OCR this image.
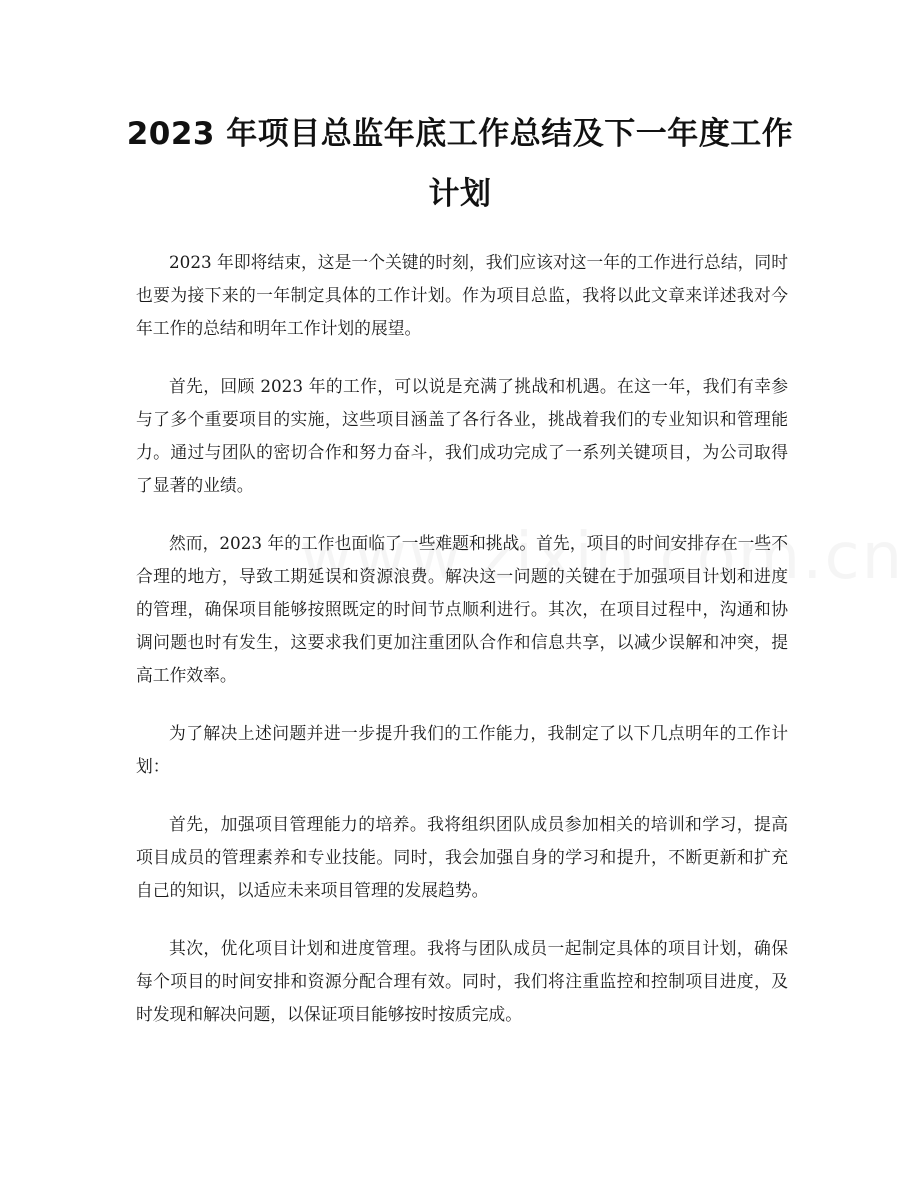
2023 年项目总监年底工作总结及下一年度工作计划

2023 年即将结束，这是一个关键的时刻，我们应该对这一年的工作进行总结，同时也要为接下来的一年制定具体的工作计划。作为项目总监，我将以此文章来详述我对今年工作的总结和明年工作计划的展望。

首先，回顾 2023 年的工作，可以说是充满了挑战和机遇。在这一年，我们有幸参与了多个重要项目的实施，这些项目涵盖了各行各业，挑战着我们的专业知识和管理能力。通过与团队的密切合作和努力奋斗，我们成功完成了一系列关键项目，为公司取得了显著的业绩。

然而，2023 年的工作也面临了一些难题和挑战。首先，项目的时间安排存在一些不合理的地方，导致工期延误和资源浪费。解决这一问题的关键在于加强项目计划和进度的管理，确保项目能够按照既定的时间节点顺利进行。其次，在项目过程中，沟通和协调问题也时有发生，这要求我们更加注重团队合作和信息共享，以减少误解和冲突，提高工作效率。

为了解决上述问题并进一步提升我们的工作能力，我制定了以下几点明年的工作计划：

首先，加强项目管理能力的培养。我将组织团队成员参加相关的培训和学习，提高项目成员的管理素养和专业技能。同时，我会加强自身的学习和提升，不断更新和扩充自己的知识，以适应未来项目管理的发展趋势。

其次，优化项目计划和进度管理。我将与团队成员一起制定具体的项目计划，确保每个项目的时间安排和资源分配合理有效。同时，我们将注重监控和控制项目进度，及时发现和解决问题，以保证项目能够按时按质完成。
